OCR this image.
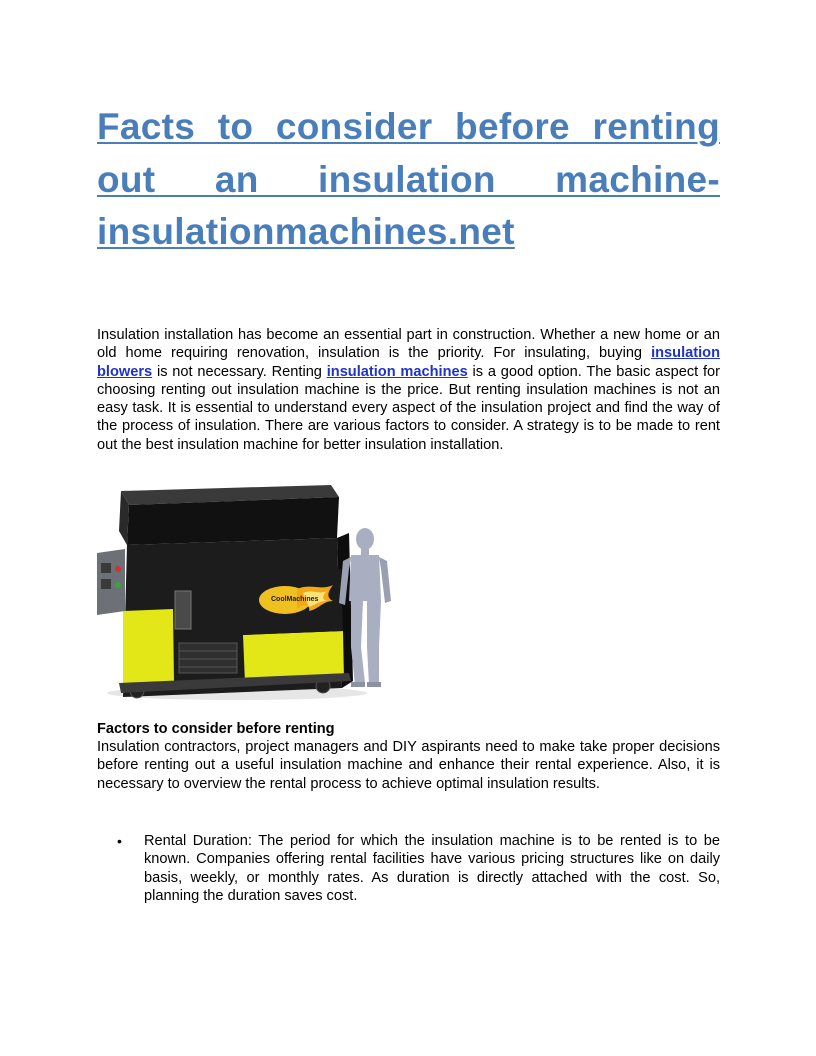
Facts to consider before renting out an insulation machine-insulationmachines.net

Insulation installation has become an essential part in construction. Whether a new home or an old home requiring renovation, insulation is the priority. For insulating, buying insulation blowers is not necessary. Renting insulation machines is a good option. The basic aspect for choosing renting out insulation machine is the price. But renting insulation machines is not an easy task. It is essential to understand every aspect of the insulation project and find the way of the process of insulation. There are various factors to consider. A strategy is to be made to rent out the best insulation machine for better insulation installation.

CoolMachines

Factors to consider before renting

Insulation contractors, project managers and DIY aspirants need to make take proper decisions before renting out a useful insulation machine and enhance their rental experience. Also, it is necessary to overview the rental process to achieve optimal insulation results.

• Rental Duration: The period for which the insulation machine is to be rented is to be known. Companies offering rental facilities have various pricing structures like on daily basis, weekly, or monthly rates. As duration is directly attached with the cost. So, planning the duration saves cost.
